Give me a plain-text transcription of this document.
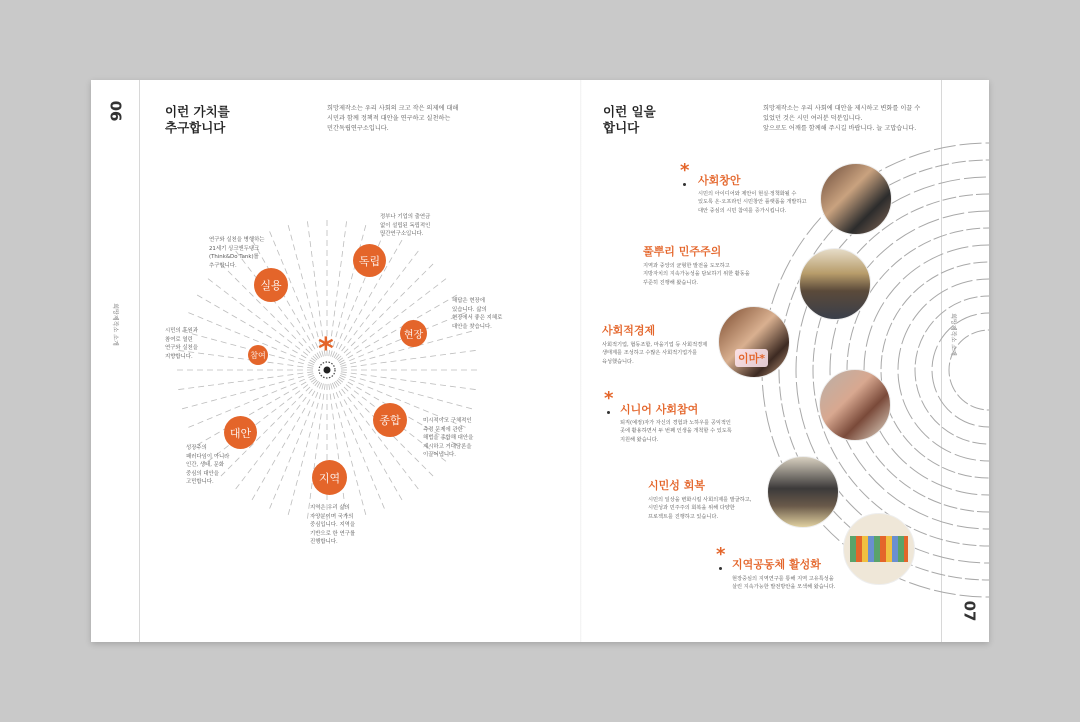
06
희망제작소 소개
이런 가치를
추구합니다
희망제작소는 우리 사회의 크고 작은 의제에 대해
시민과 함께 정책적 대안을 연구하고 실천하는
민간독립연구소입니다.
*
독립
현장
종합
지역
대안
참여
실용
정부나 기업의 출연금
없이 설립된 독립적인
민간연구소입니다.
해답은 현장에
있습니다. 삶의
현장에서 좋은 지혜로
대안을 찾습니다.
미시적이고 구체적인
측정 문제에 관한
해법을 종합해 대안을
제시하고 거대담론을
이끌어냅니다.
지역은 우리 삶의
자양분이며 국가의
중심입니다. 지역을
기반으로 한 연구를
진행합니다.
성장주의
패러다임이 아니라
인간, 생태, 문화
중심의 대안을
고민합니다.
시민의 후원과
참여로 열린
연구와 실천을
지향합니다.
연구와 실천을 병행하는
21세기 싱크앤두탱크
(Think&Do Tank)를
추구합니다.
07
희망제작소 소개
이런 일을
합니다
희망제작소는 우리 사회에 대안을 제시하고 변화를 이끌 수
있었던 것은 시민 여러분 덕분입니다.
앞으로도 어깨를 함께해 주시길 바랍니다. 늘 고맙습니다.
이마*
* 사회창안
시민의 아이디어와 제안이 현실·정책화될 수
있도록 온·오프라인 시민창안 플랫폼을 개발하고
대안 중심의 시민 참여를 증가시킵니다.
풀뿌리 민주주의
지역과 중앙의 균형한 발전을 도모하고
지방자치의 지속가능성을 담보하기 위한 활동을
꾸준히 진행해 왔습니다.
사회적경제
사회적기업, 협동조합, 마을기업 등 사회적경제
생태계를 조성하고 수많은 사회적기업가를
육성했습니다.
*
시니어 사회참여
퇴직(예정)자가 자신의 경험과 노하우를 공익적인
곳에 활용하면서 두 번째 인생을 개척할 수 있도록
지원해 왔습니다.
시민성 회복
시민의 일상을 변화시킬 사회의제를 발굴하고,
시민성과 민주주의 회복을 위해 다양한
프로젝트를 진행하고 있습니다.
* 지역공동체 활성화
현장중심의 지역연구를 통해 지역 고유특성을
살린 지속가능한 발전방안을 모색해 왔습니다.
